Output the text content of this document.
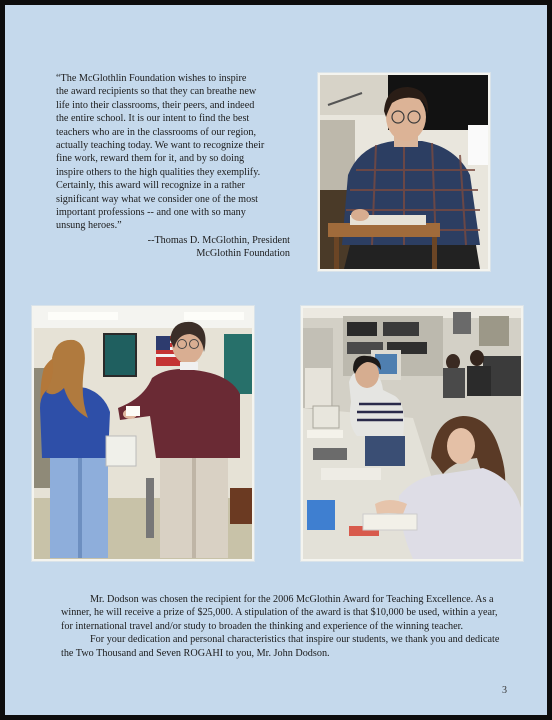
“The McGlothlin Foundation wishes to inspire
the award recipients so that they can breathe new
life into their classrooms, their peers, and indeed
the entire school. It is our intent to find the best
teachers who are in the classrooms of our region,
actually teaching today. We want to recognize their
fine work, reward them for it, and by so doing
inspire others to the high qualities they exemplify.
Certainly, this award will recognize in a rather
significant way what we consider one of the most
important professions -- and one with so many
unsung heroes.”
--Thomas D. McGlothin, President
McGlothin Foundation

Mr. Dodson was chosen the recipient for the 2006 McGlothin Award for Teaching Excellence. As a winner, he will receive a prize of $25,000. A stipulation of the award is that $10,000 be used, within a year, for international travel and/or study to broaden the thinking and experience of the winning teacher.

For your dedication and personal characteristics that inspire our students, we thank you and dedicate the Two Thousand and Seven ROGAHI to you, Mr. John Dodson.

3
